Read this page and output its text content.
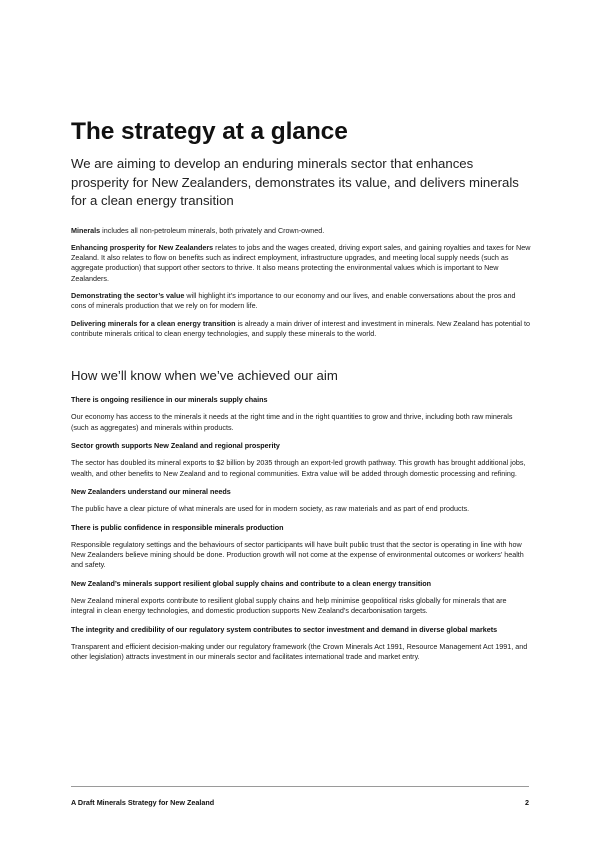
The strategy at a glance

We are aiming to develop an enduring minerals sector that enhances prosperity for New Zealanders, demonstrates its value, and delivers minerals for a clean energy transition

Minerals includes all non-petroleum minerals, both privately and Crown-owned.

Enhancing prosperity for New Zealanders relates to jobs and the wages created, driving export sales, and gaining royalties and taxes for New Zealand. It also relates to flow on benefits such as indirect employment, infrastructure upgrades, and meeting local supply needs (such as aggregate production) that support other sectors to thrive. It also means protecting the environmental values which is important to New Zealanders.

Demonstrating the sector’s value will highlight it’s importance to our economy and our lives, and enable conversations about the pros and cons of minerals production that we rely on for modern life.

Delivering minerals for a clean energy transition is already a main driver of interest and investment in minerals. New Zealand has potential to contribute minerals critical to clean energy technologies, and supply these minerals to the world.

How we’ll know when we’ve achieved our aim

There is ongoing resilience in our minerals supply chains

Our economy has access to the minerals it needs at the right time and in the right quantities to grow and thrive, including both raw minerals (such as aggregates) and minerals within products.

Sector growth supports New Zealand and regional prosperity

The sector has doubled its mineral exports to $2 billion by 2035 through an export-led growth pathway. This growth has brought additional jobs, wealth, and other benefits to New Zealand and to regional communities. Extra value will be added through domestic processing and refining.

New Zealanders understand our mineral needs

The public have a clear picture of what minerals are used for in modern society, as raw materials and as part of end products.

There is public confidence in responsible minerals production

Responsible regulatory settings and the behaviours of sector participants will have built public trust that the sector is operating in line with how New Zealanders believe mining should be done. Production growth will not come at the expense of environmental outcomes or workers’ health and safety.

New Zealand’s minerals support resilient global supply chains and contribute to a clean energy transition

New Zealand mineral exports contribute to resilient global supply chains and help minimise geopolitical risks globally for minerals that are integral in clean energy technologies, and domestic production supports New Zealand’s decarbonisation targets.

The integrity and credibility of our regulatory system contributes to sector investment and demand in diverse global markets

Transparent and efficient decision-making under our regulatory framework (the Crown Minerals Act 1991, Resource Management Act 1991, and other legislation) attracts investment in our minerals sector and facilitates international trade and market entry.

A Draft Minerals Strategy for New Zealand	2
